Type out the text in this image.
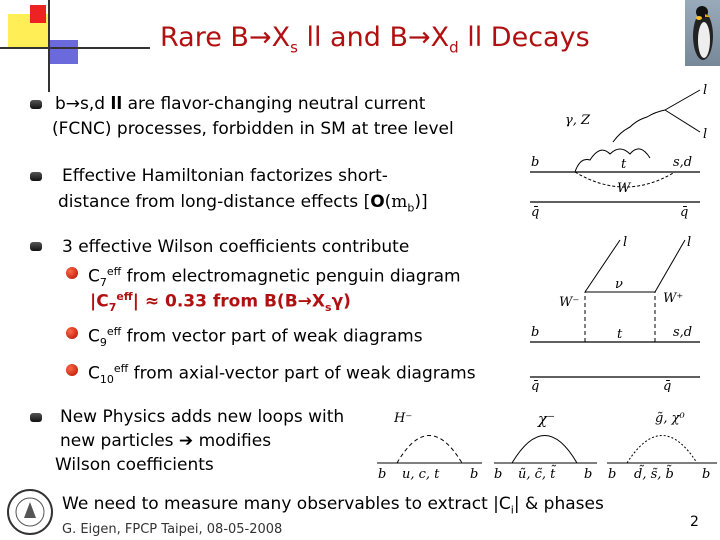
Rare $B\to X_s$ ll and $B\to X_d$ ll Decays
b→s,d ll are flavor-changing neutral current
(FCNC) processes, forbidden in SM at tree level
Effective Hamiltonian factorizes short-
distance from long-distance effects $[O(m_b)]$
3 effective Wilson coefficients contribute
$C_7^{eff}$ from electromagnetic penguin diagram
$|C_7^{eff}| \approx 0.33$ from $B(B\to X_s\gamma)$
$C_9^{eff}$ from vector part of weak diagrams
$C_{10}^{eff}$ from axial-vector part of weak diagrams
New Physics adds new loops with
new particles ➔ modifies
Wilson coefficients
We need to measure many observables to extract $|C_i|$ & phases
G. Eigen, FPCP Taipei, 08-05-2008	2
γ, Z
l
l
b	t
W
s,d
q̄	q̄
l	l
W⁻	W⁺
ν
t
b	s,d
q̄	q̄
H⁻
b u, c, t b
χ⁻
b ũ, c̃, t̃ b
g̃, χ⁰
b d̃, s̃, b̃ b
